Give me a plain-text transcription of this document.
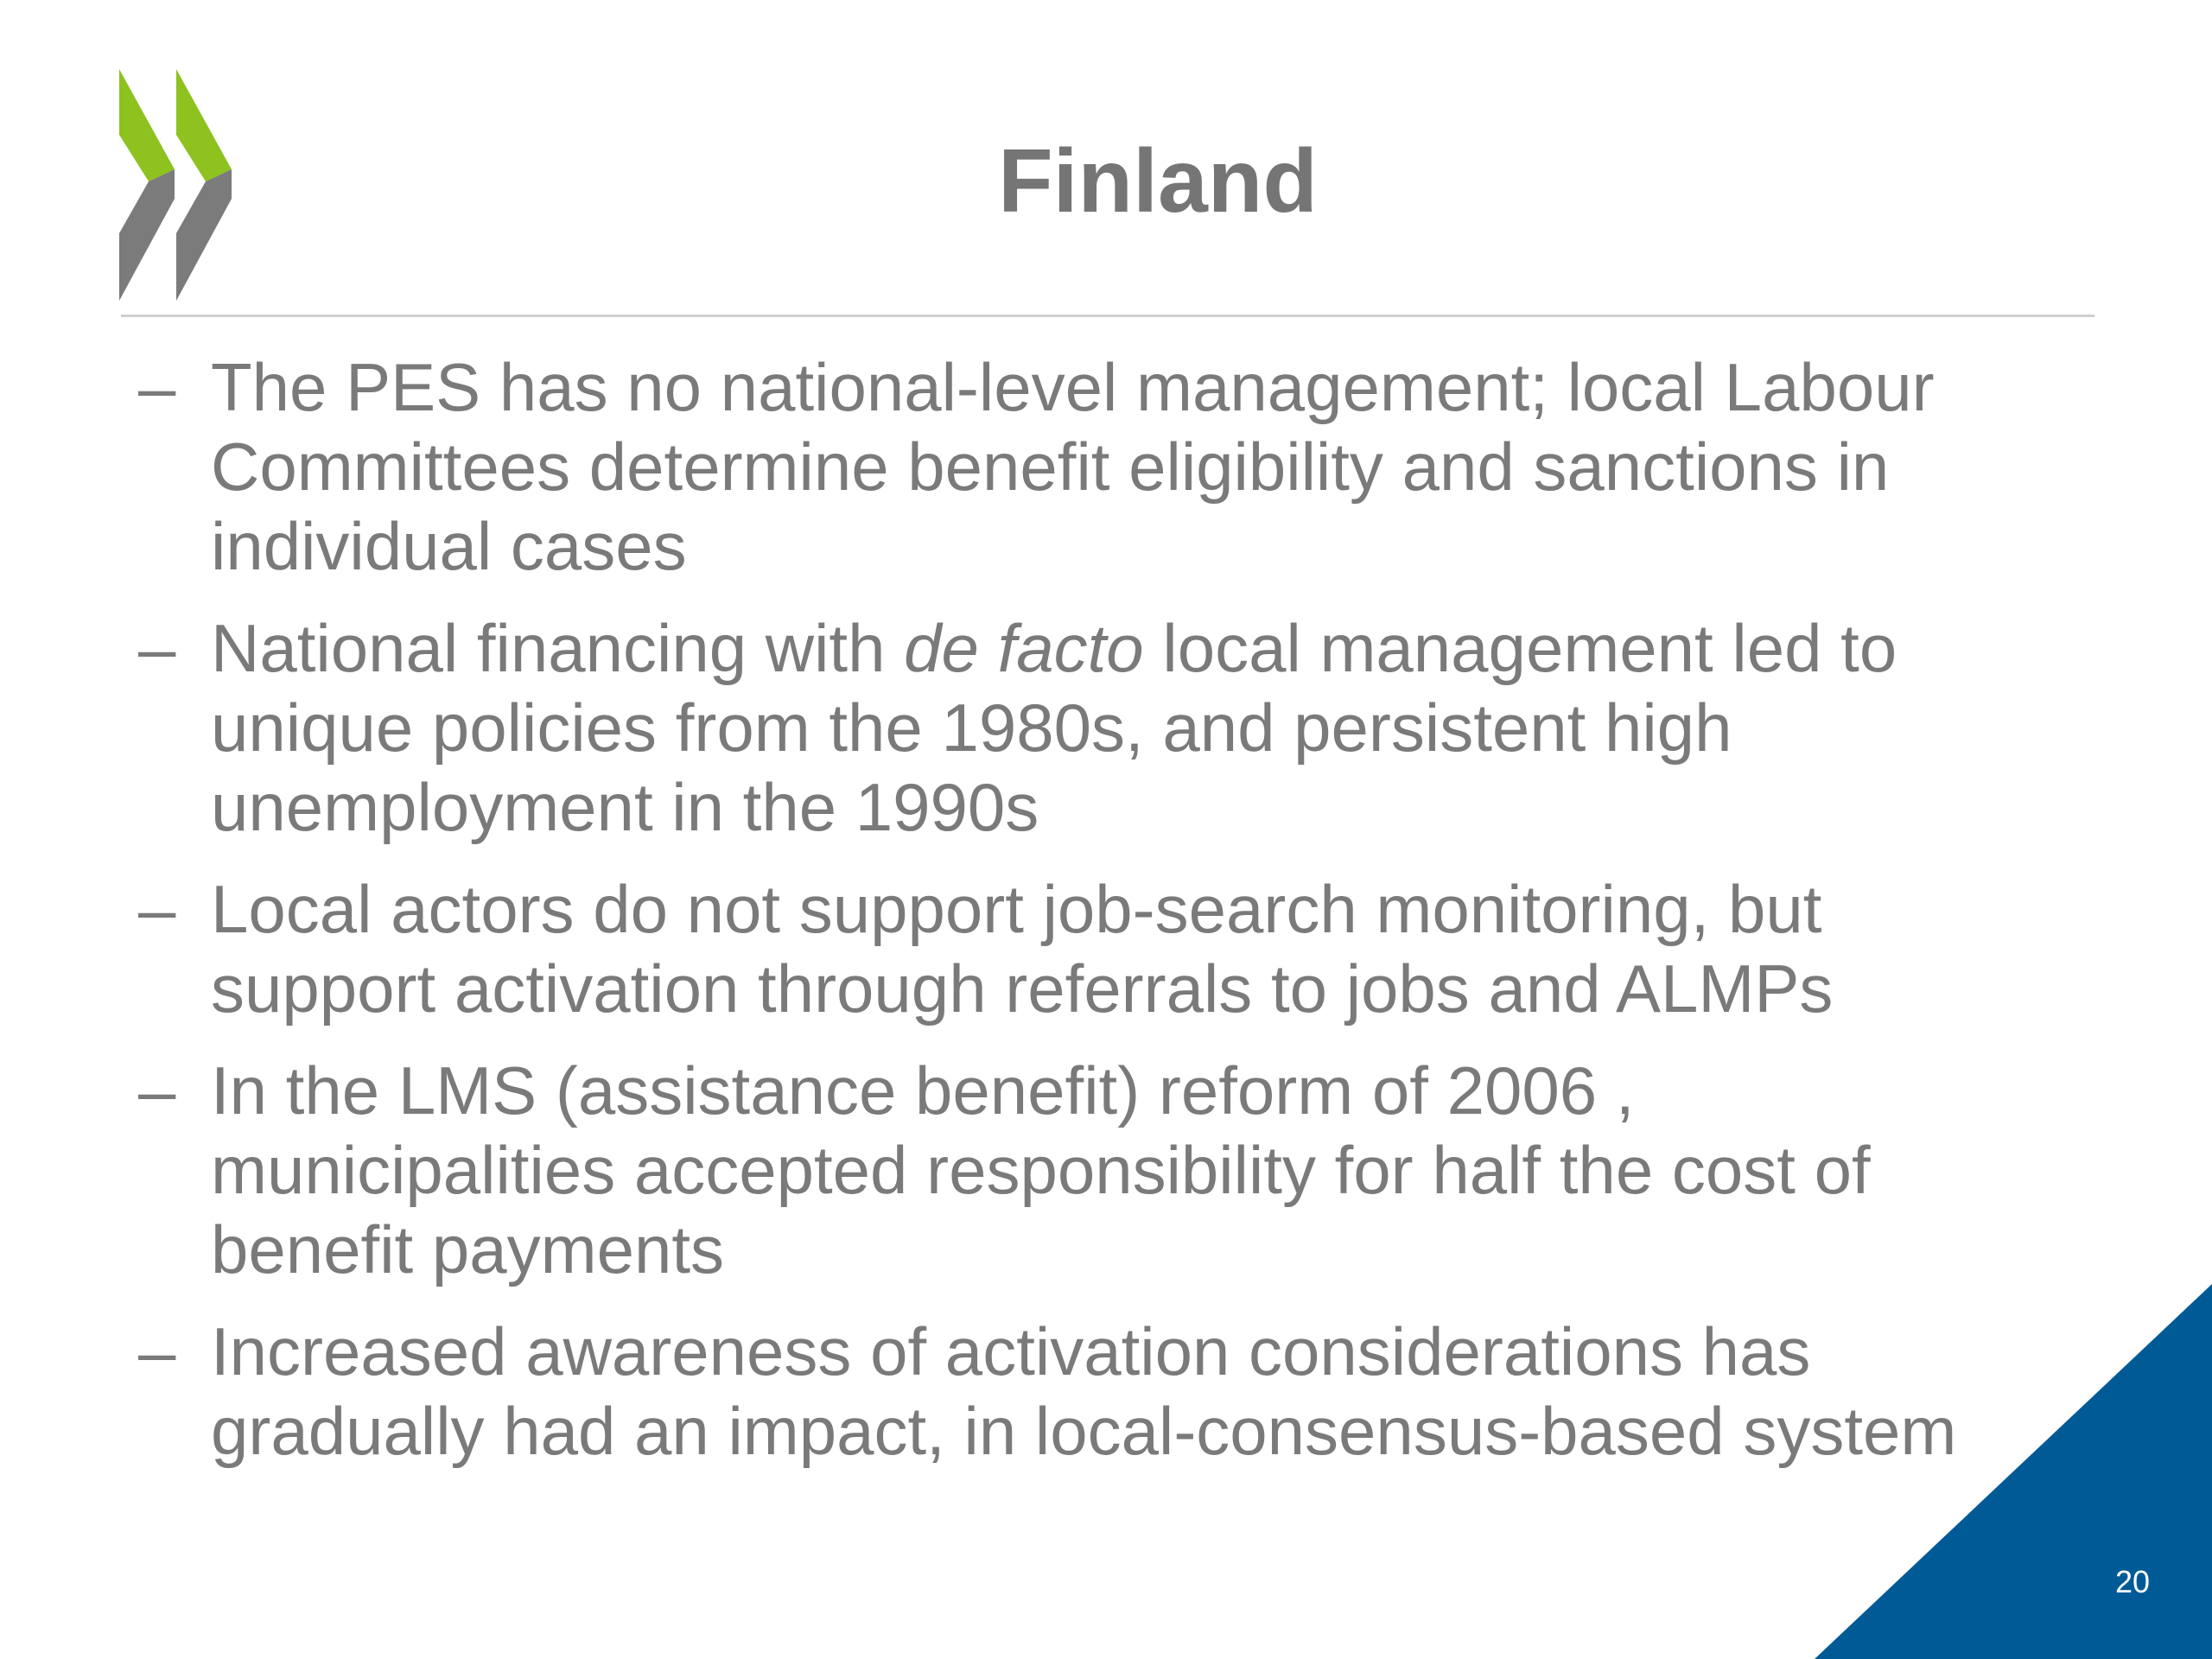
Finland
– The PES has no national-level management; local Labour
Committees determine benefit eligibility and sanctions in
individual cases
– National financing with de facto local management led to
unique policies from the 1980s, and persistent high
unemployment in the 1990s
– Local actors do not support job-search monitoring, but
support activation through referrals to jobs and ALMPs
– In the LMS (assistance benefit) reform of 2006 ,
municipalities accepted responsibility for half the cost of
benefit payments
– Increased awareness of activation considerations has
gradually had an impact, in local-consensus-based system
20
